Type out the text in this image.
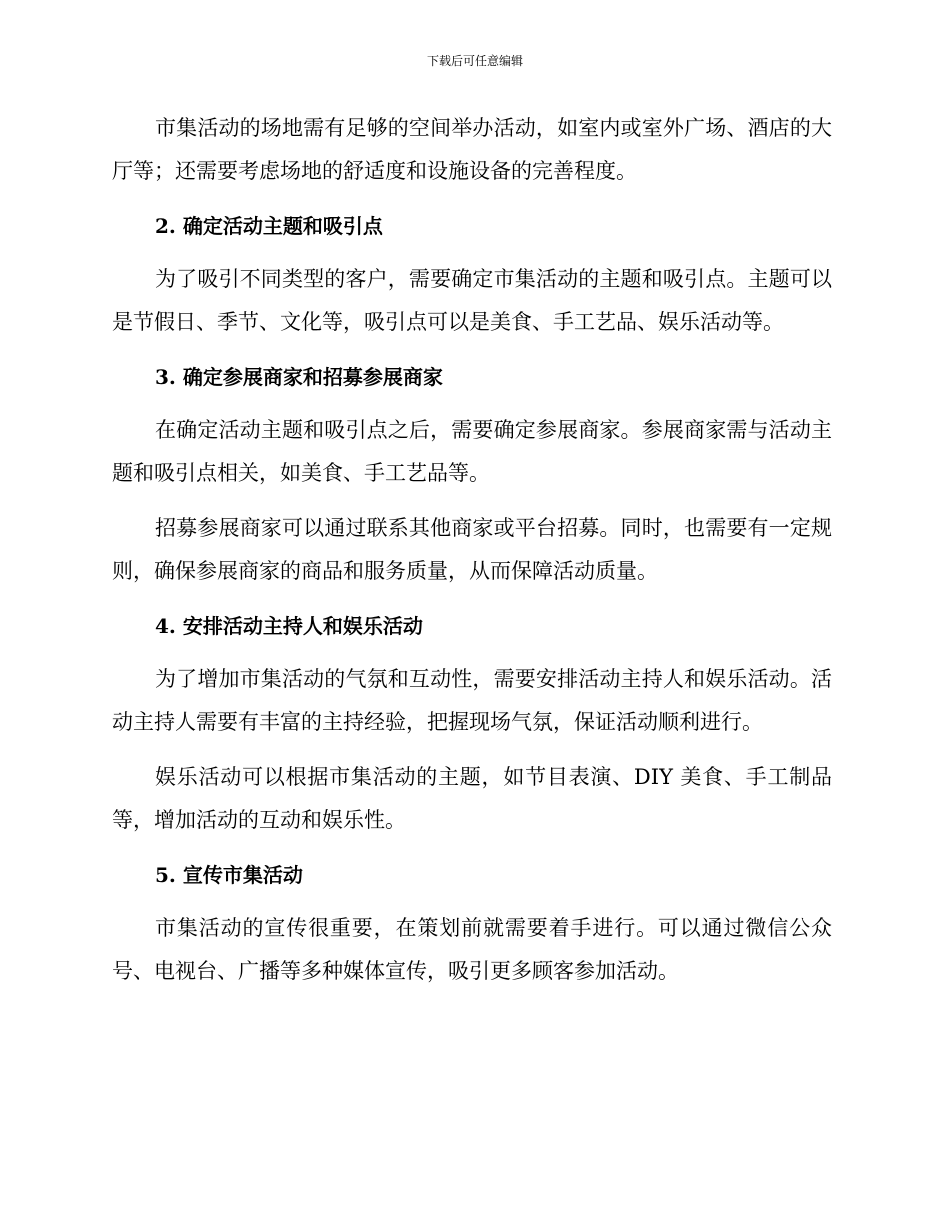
下载后可任意编辑

市集活动的场地需有足够的空间举办活动，如室内或室外广场、酒店的大厅等；还需要考虑场地的舒适度和设施设备的完善程度。

2. 确定活动主题和吸引点

为了吸引不同类型的客户，需要确定市集活动的主题和吸引点。主题可以是节假日、季节、文化等，吸引点可以是美食、手工艺品、娱乐活动等。

3. 确定参展商家和招募参展商家

在确定活动主题和吸引点之后，需要确定参展商家。参展商家需与活动主题和吸引点相关，如美食、手工艺品等。

招募参展商家可以通过联系其他商家或平台招募。同时，也需要有一定规则，确保参展商家的商品和服务质量，从而保障活动质量。

4. 安排活动主持人和娱乐活动

为了增加市集活动的气氛和互动性，需要安排活动主持人和娱乐活动。活动主持人需要有丰富的主持经验，把握现场气氛，保证活动顺利进行。

娱乐活动可以根据市集活动的主题，如节目表演、DIY 美食、手工制品等，增加活动的互动和娱乐性。

5. 宣传市集活动

市集活动的宣传很重要，在策划前就需要着手进行。可以通过微信公众号、电视台、广播等多种媒体宣传，吸引更多顾客参加活动。
